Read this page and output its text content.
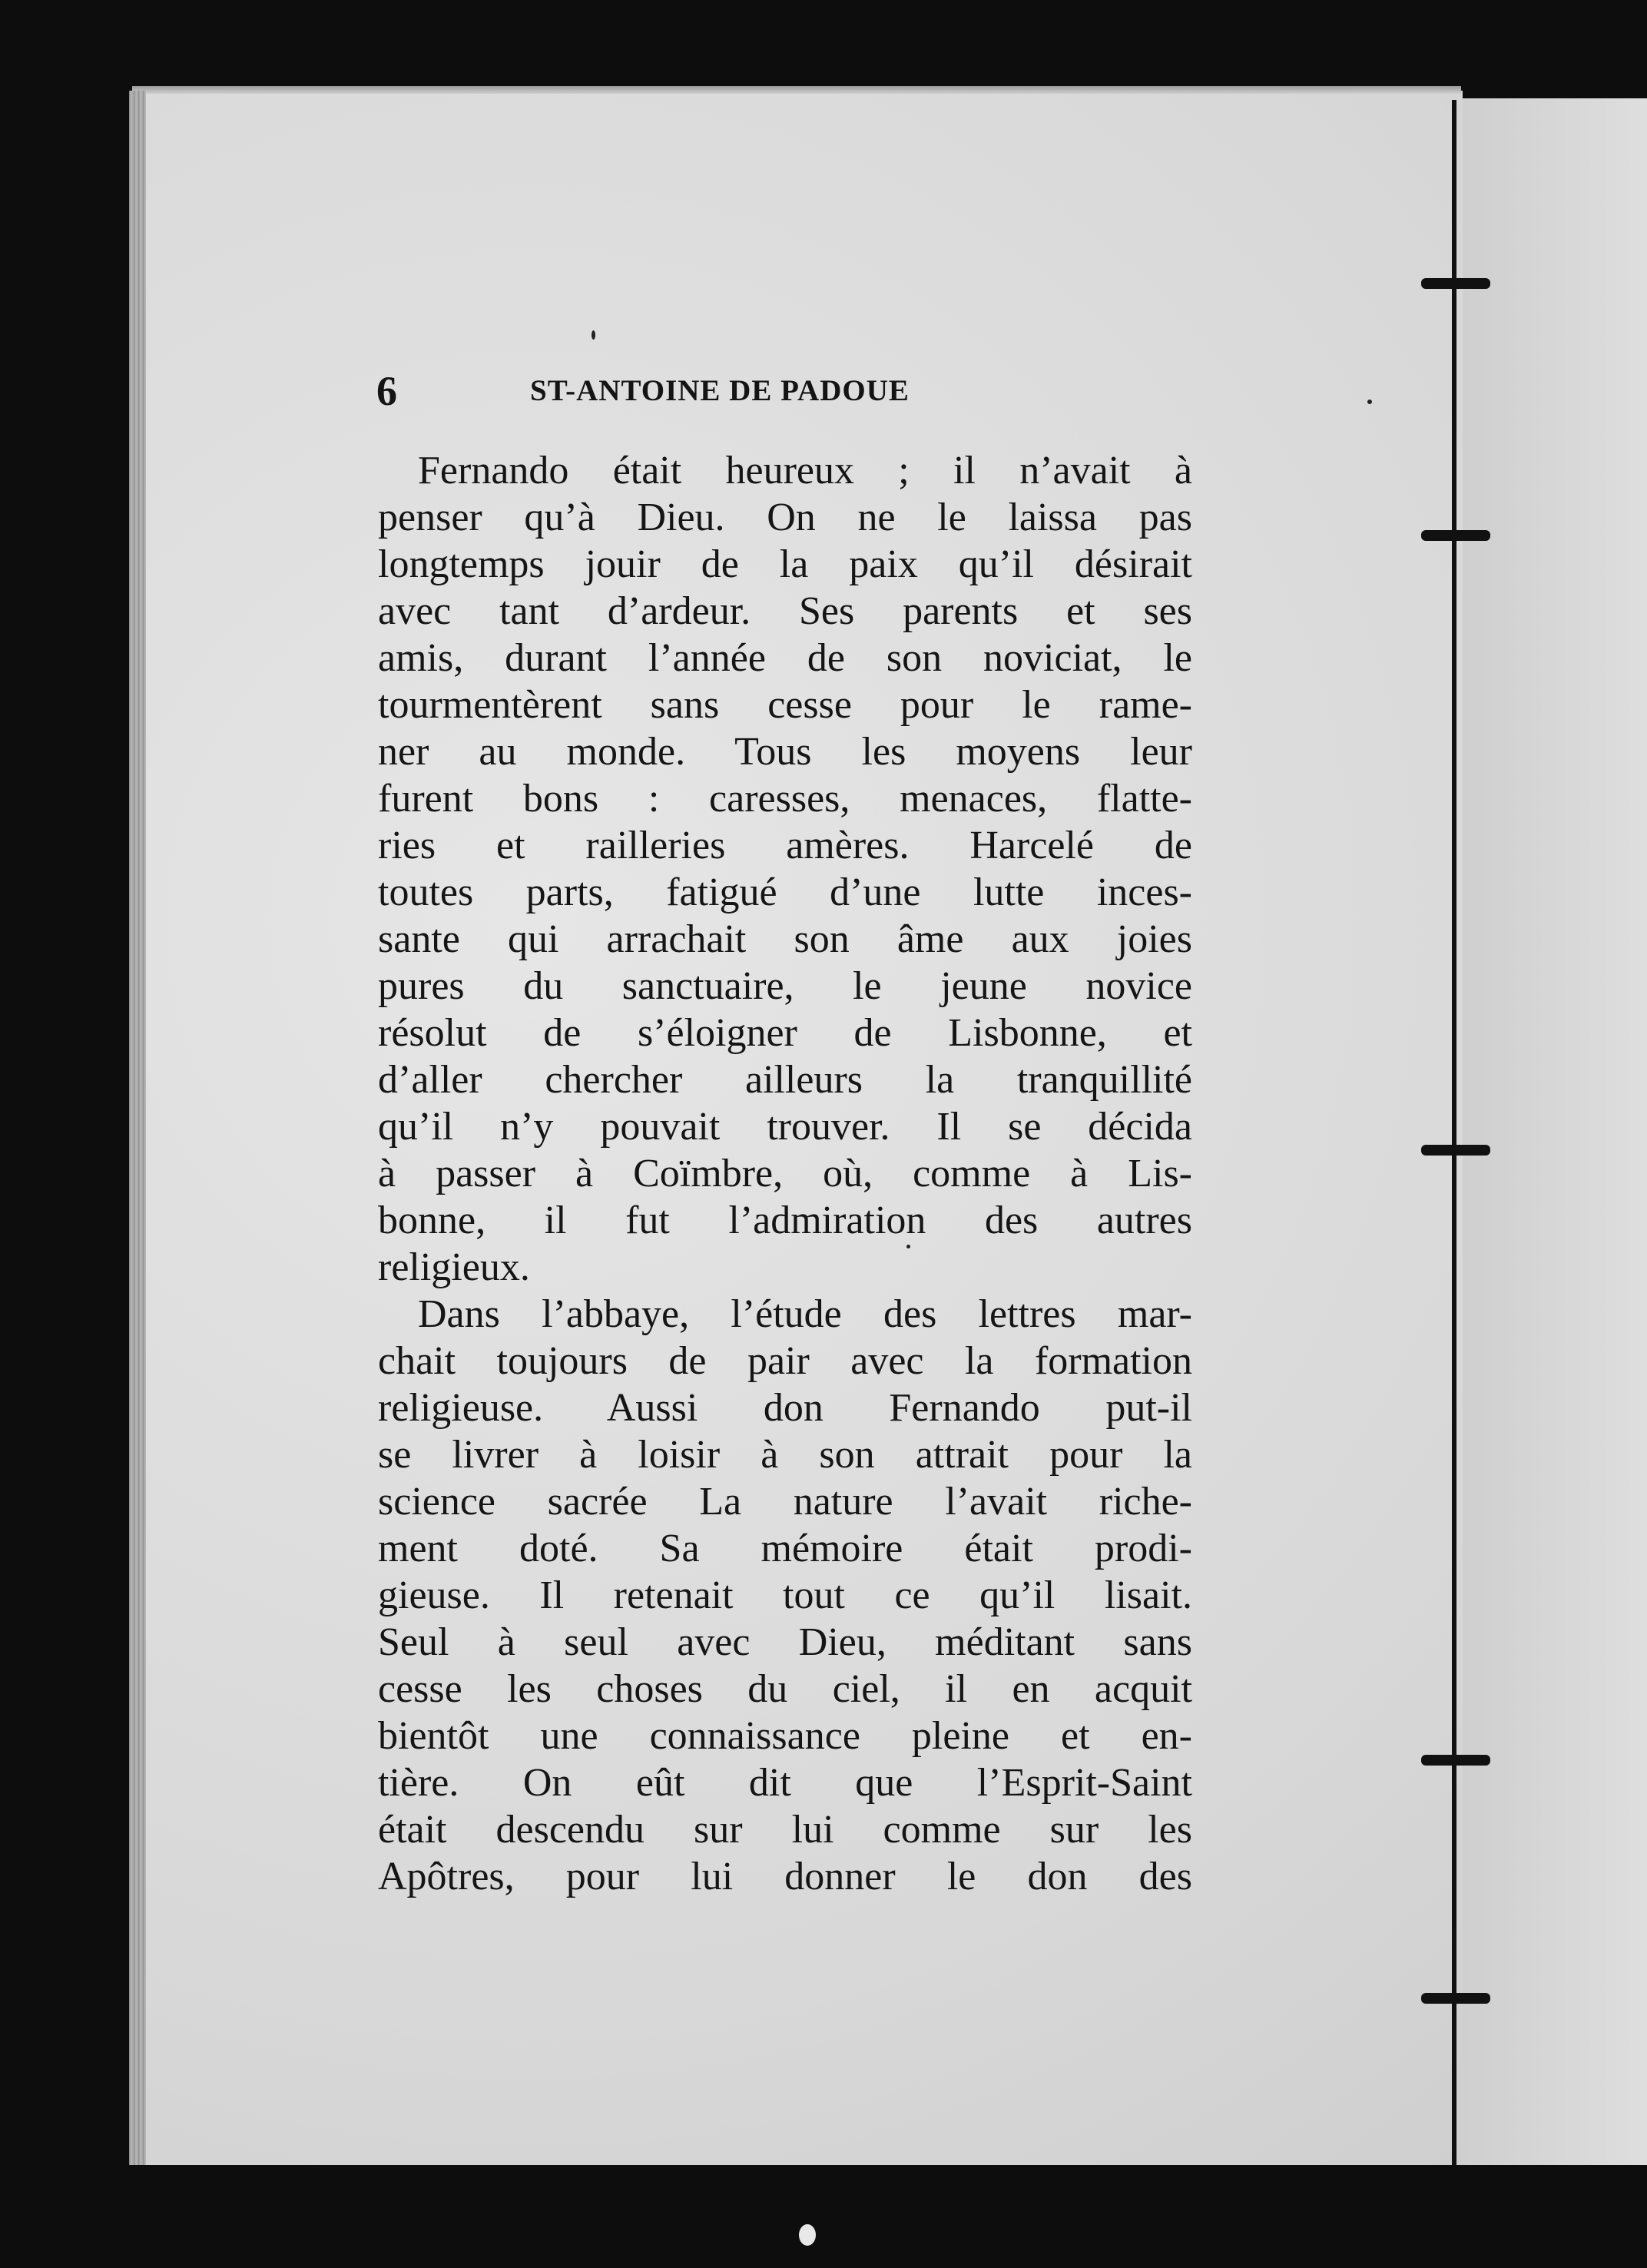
6	ST-ANTOINE DE PADOUE
Fernando était heureux ; il n’avait à
penser qu’à Dieu. On ne le laissa pas
longtemps jouir de la paix qu’il désirait
avec tant d’ardeur. Ses parents et ses
amis, durant l’année de son noviciat, le
tourmentèrent sans cesse pour le rame-
ner au monde. Tous les moyens leur
furent bons : caresses, menaces, flatte-
ries et railleries amères. Harcelé de
toutes parts, fatigué d’une lutte inces-
sante qui arrachait son âme aux joies
pures du sanctuaire, le jeune novice
résolut de s’éloigner de Lisbonne, et
d’aller chercher ailleurs la tranquillité
qu’il n’y pouvait trouver. Il se décida
à passer à Coïmbre, où, comme à Lis-
bonne, il fut l’admiration des autres
religieux.
Dans l’abbaye, l’étude des lettres mar-
chait toujours de pair avec la formation
religieuse. Aussi don Fernando put-il
se livrer à loisir à son attrait pour la
science sacrée La nature l’avait riche-
ment doté. Sa mémoire était prodi-
gieuse. Il retenait tout ce qu’il lisait.
Seul à seul avec Dieu, méditant sans
cesse les choses du ciel, il en acquit
bientôt une connaissance pleine et en-
tière. On eût dit que l’Esprit-Saint
était descendu sur lui comme sur les
Apôtres, pour lui donner le don des
